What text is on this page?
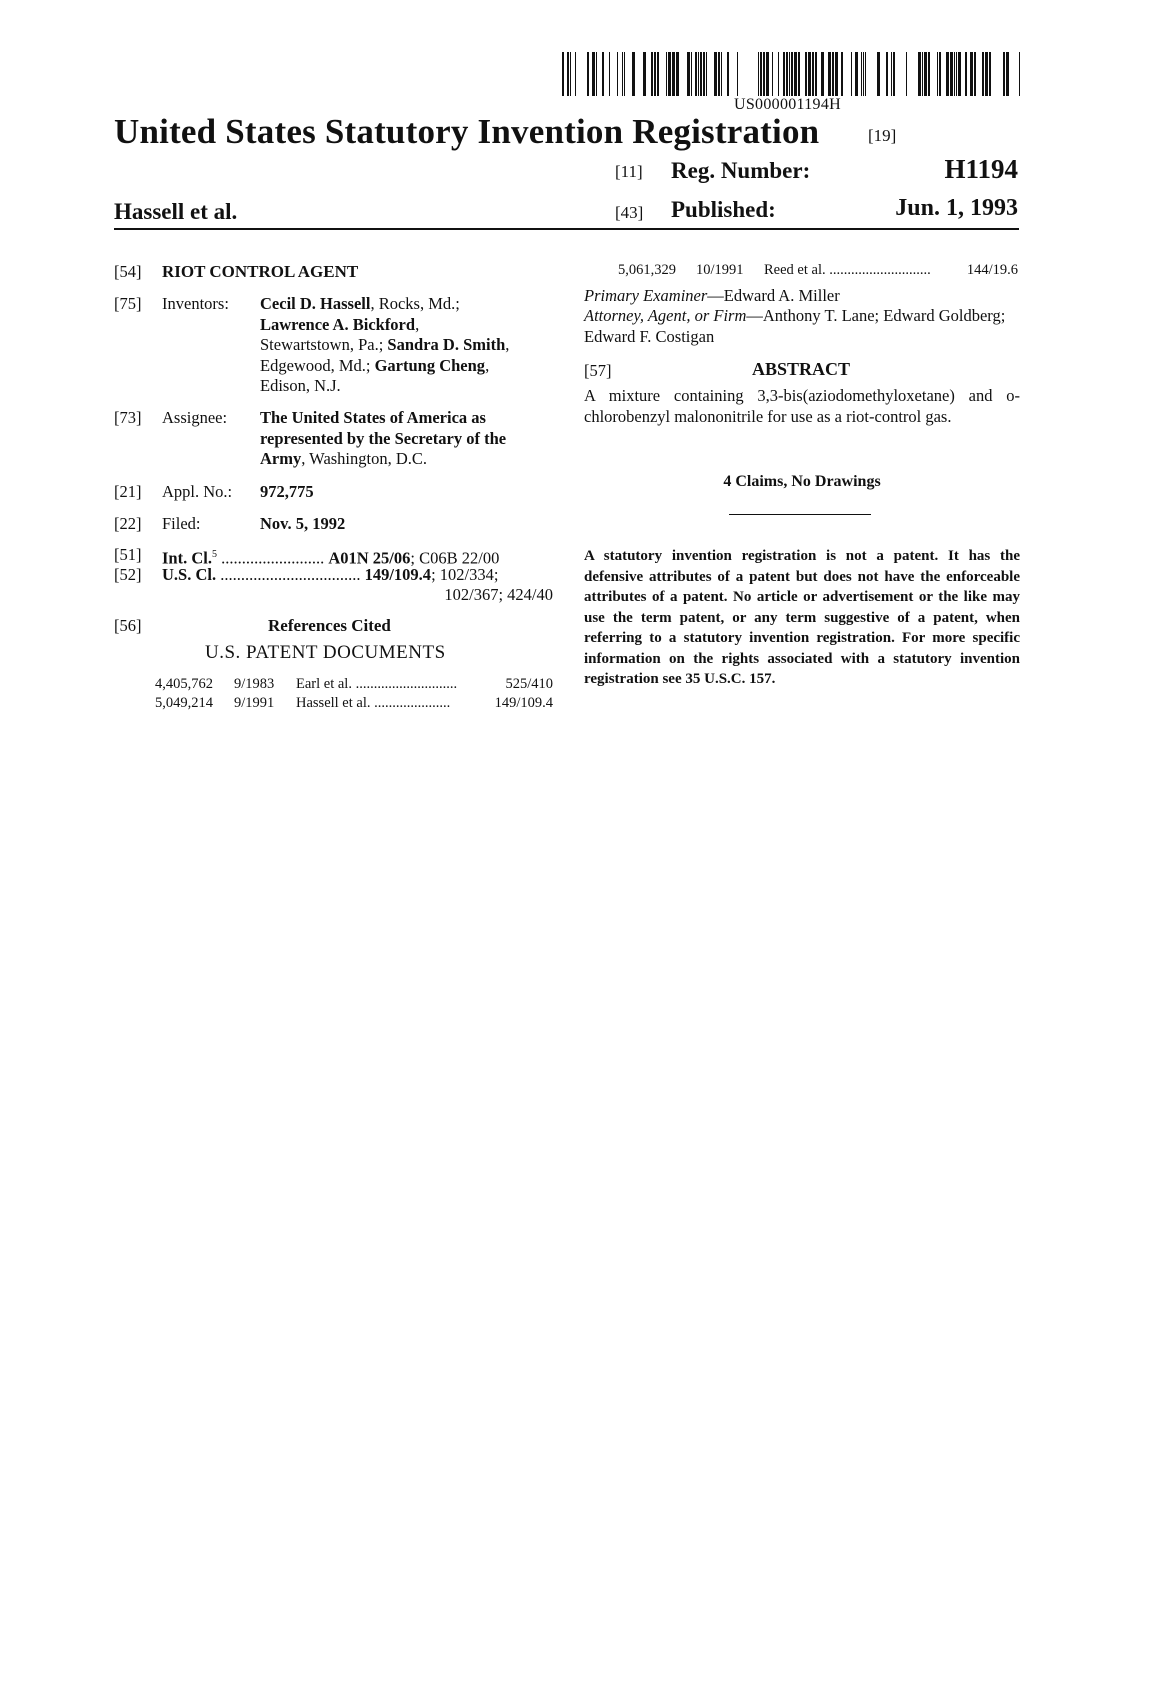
US000001194H
United States Statutory Invention Registration	[19]
[11] Reg. Number:	H1194
Hassell et al.	[43] Published:	Jun. 1, 1993
[54] RIOT CONTROL AGENT
[75] Inventors: Cecil D. Hassell, Rocks, Md.;
Lawrence A. Bickford,
Stewartstown, Pa.; Sandra D. Smith,
Edgewood, Md.; Gartung Cheng,
Edison, N.J.
[73] Assignee: The United States of America as represented by the Secretary of the Army, Washington, D.C.
[21] Appl. No.: 972,775
[22] Filed:	Nov. 5, 1992
[51] Int. Cl.$^5$ ......................... A01N 25/06; C06B 22/00
[52] U.S. Cl. .................................. 149/109.4; 102/334;
102/367; 424/40
[56]	References Cited
U.S. PATENT DOCUMENTS
4,405,762 9/1983 Earl et al. ............................	525/410
5,049,214 9/1991 Hassell et al. .....................	149/109.4
5,061,329 10/1991 Reed et al. ............................ 144/19.6
Primary Examiner—Edward A. Miller
Attorney, Agent, or Firm—Anthony T. Lane; Edward Goldberg; Edward F. Costigan
[57]	ABSTRACT
A mixture containing 3,3-bis(aziodomethyloxetane) and o-chlorobenzyl malononitrile for use as a riot-control gas.
4 Claims, No Drawings
A statutory invention registration is not a patent. It has the defensive attributes of a patent but does not have the enforceable attributes of a patent. No article or advertisement or the like may use the term patent, or any term suggestive of a patent, when referring to a statutory invention registration. For more specific information on the rights associated with a statutory invention registration see 35 U.S.C. 157.
